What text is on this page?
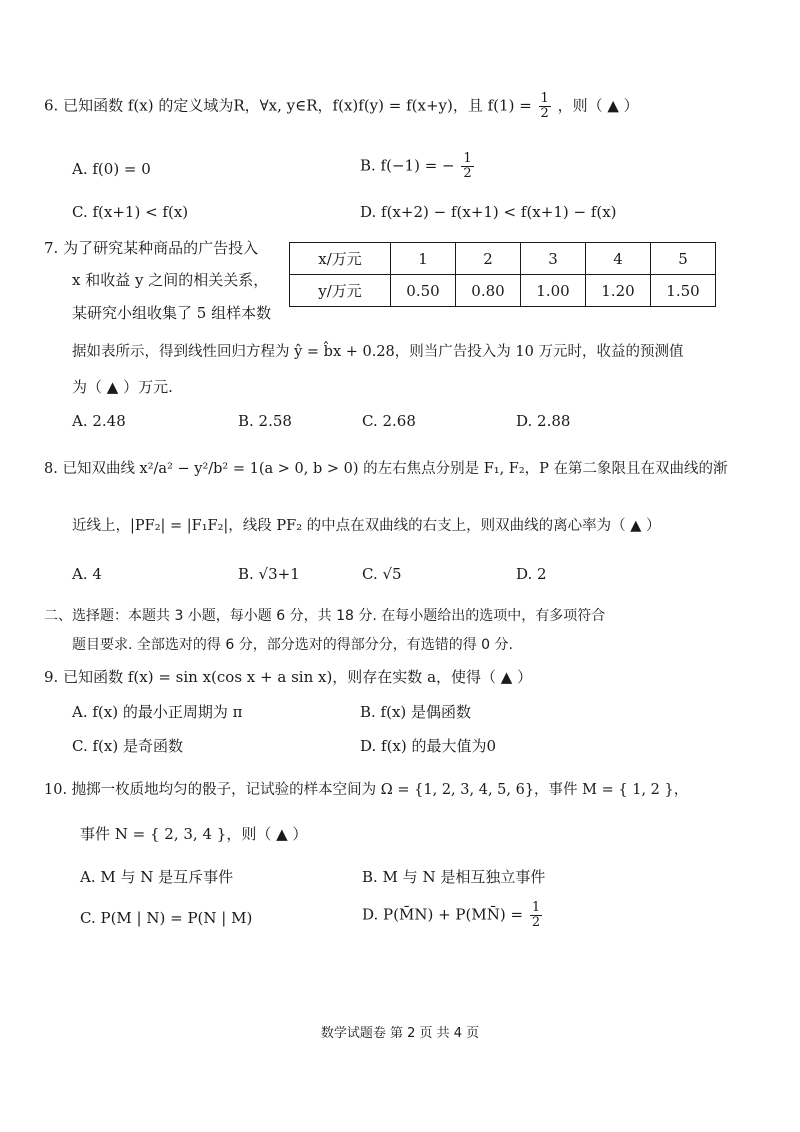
6. 已知函数 f(x) 的定义域为R，∀x, y∈R，f(x)f(y) = f(x+y)，且 $f(1) = \frac{1}{2}$ ，则（ ▲ ）
A. f(0) = 0	B. f(−1) = − $\frac{1}{2}$
C. f(x+1) < f(x)	D. f(x+2) − f(x+1) < f(x+1) − f(x)
7. 为了研究某种商品的广告投入
x 和收益 y 之间的相关关系，
某研究小组收集了 5 组样本数
x/万元	1	2	3	4	5
y/万元	0.50	0.80	1.00	1.20	1.50
据如表所示，得到线性回归方程为 ŷ = b̂x + 0.28，则当广告投入为 10 万元时，收益的预测值
为（ ▲ ）万元.
A. 2.48	B. 2.58	C. 2.68	D. 2.88
8. 已知双曲线 x²/a² − y²/b² = 1(a > 0, b > 0) 的左右焦点分别是 F₁, F₂，P 在第二象限且在双曲线的渐
近线上，|PF₂| = |F₁F₂|，线段 PF₂ 的中点在双曲线的右支上，则双曲线的离心率为（ ▲ ）
A. 4	B. √3+1	C. √5	D. 2
二、选择题：本题共 3 小题，每小题 6 分，共 18 分. 在每小题给出的选项中，有多项符合
题目要求. 全部选对的得 6 分，部分选对的得部分分，有选错的得 0 分.
9. 已知函数 f(x) = sin x(cos x + a sin x)，则存在实数 a，使得（ ▲ ）
A. f(x) 的最小正周期为 π	B. f(x) 是偶函数
C. f(x) 是奇函数	D. f(x) 的最大值为0
10. 抛掷一枚质地均匀的骰子，记试验的样本空间为 Ω = {1, 2, 3, 4, 5, 6}，事件 M = { 1, 2 }，
事件 N = { 2, 3, 4 }，则（ ▲ ）
A. M 与 N 是互斥事件	B. M 与 N 是相互独立事件
C. P(M | N) = P(N | M)	D. P(M̄N) + P(MN̄) = $\frac{1}{2}$
数学试题卷 第 2 页 共 4 页
